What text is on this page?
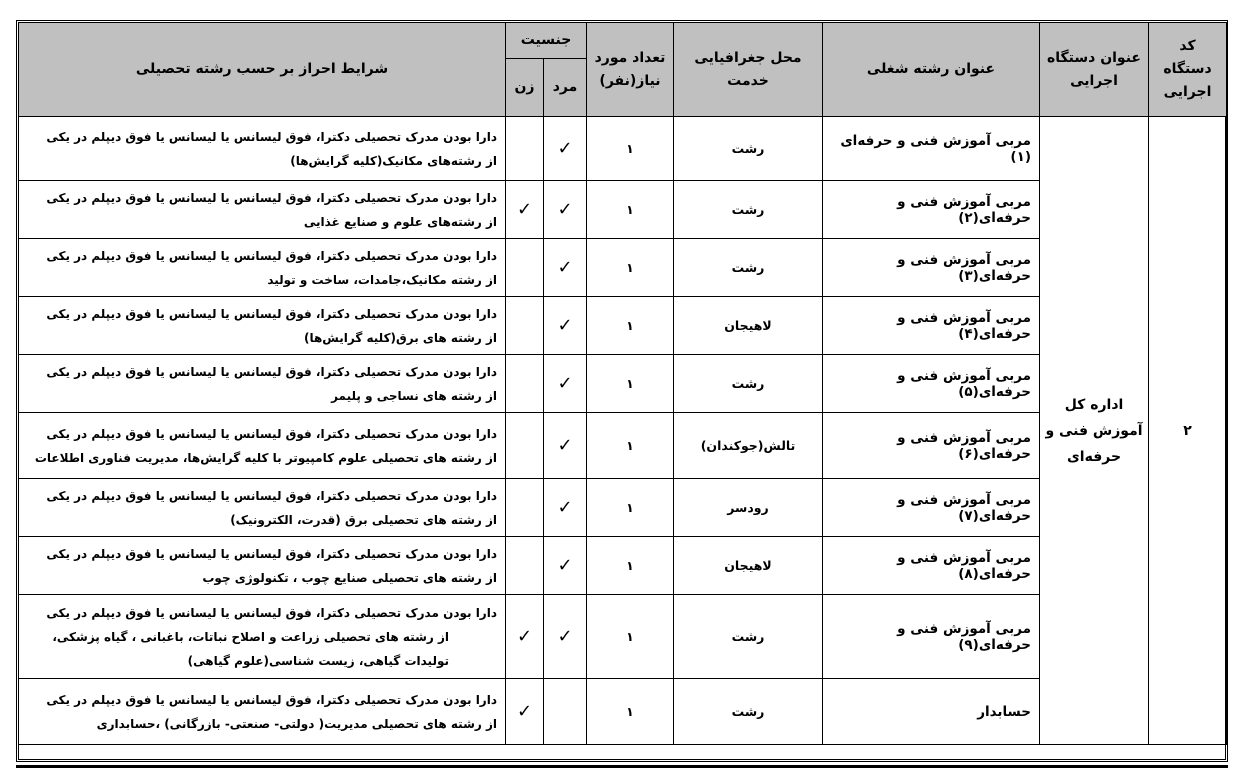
کد دستگاه اجرایی	عنوان دستگاه اجرایی	عنوان رشته شغلی	محل جغرافیایی خدمت	تعداد مورد نیاز(نفر)	جنسیت		شرایط احراز بر حسب رشته تحصیلی
					مرد	زن	
۲	اداره کل آموزش فنی و حرفه‌ای	مربی آموزش فنی و حرفه‌ای (۱)	رشت	۱	✓		دارا بودن مدرک تحصیلی دکترا، فوق لیسانس یا لیسانس یا فوق دیپلم در یکی
از رشته‌های مکانیک(کلیه گرایش‌ها)

		مربی آموزش فنی و حرفه‌ای(۲)	رشت	۱	✓	✓	دارا بودن مدرک تحصیلی دکترا، فوق لیسانس یا لیسانس یا فوق دیپلم در یکی
از رشته‌های علوم و صنایع غذایی

		مربی آموزش فنی و حرفه‌ای(۳)	رشت	۱	✓		دارا بودن مدرک تحصیلی دکترا، فوق لیسانس یا لیسانس یا فوق دیپلم در یکی
از رشته مکانیک،جامدات، ساخت و تولید

		مربی آموزش فنی و حرفه‌ای(۴)	لاهیجان	۱	✓		دارا بودن مدرک تحصیلی دکترا، فوق لیسانس یا لیسانس یا فوق دیپلم در یکی
از رشته های برق(کلیه گرایش‌ها)

		مربی آموزش فنی و حرفه‌ای(۵)	رشت	۱	✓		دارا بودن مدرک تحصیلی دکترا، فوق لیسانس یا لیسانس یا فوق دیپلم در یکی
از رشته های نساجی و پلیمر

		مربی آموزش فنی و حرفه‌ای(۶)	تالش(جوکندان)	۱	✓		دارا بودن مدرک تحصیلی دکترا، فوق لیسانس یا لیسانس یا فوق دیپلم در یکی
از رشته های تحصیلی علوم کامپیوتر با کلیه گرایش‌ها، مدیریت فناوری اطلاعات

		مربی آموزش فنی و حرفه‌ای(۷)	رودسر	۱	✓		دارا بودن مدرک تحصیلی دکترا، فوق لیسانس یا لیسانس یا فوق دیپلم در یکی
از رشته های تحصیلی برق (قدرت، الکترونیک)

		مربی آموزش فنی و حرفه‌ای(۸)	لاهیجان	۱	✓		دارا بودن مدرک تحصیلی دکترا، فوق لیسانس یا لیسانس یا فوق دیپلم در یکی
از رشته های تحصیلی صنایع چوب ، تکنولوژی چوب

		مربی آموزش فنی و حرفه‌ای(۹)	رشت	۱	✓	✓	دارا بودن مدرک تحصیلی دکترا، فوق لیسانس یا لیسانس یا فوق دیپلم در یکی
از رشته های تحصیلی زراعت و اصلاح نباتات، باغبانی ، گیاه پزشکی،
تولیدات گیاهی، زیست شناسی(علوم گیاهی)

		حسابدار	رشت	۱		✓	دارا بودن مدرک تحصیلی دکترا، فوق لیسانس یا لیسانس یا فوق دیپلم در یکی
از رشته های تحصیلی مدیریت( دولتی- صنعتی- بازرگانی) ،حسابداری
